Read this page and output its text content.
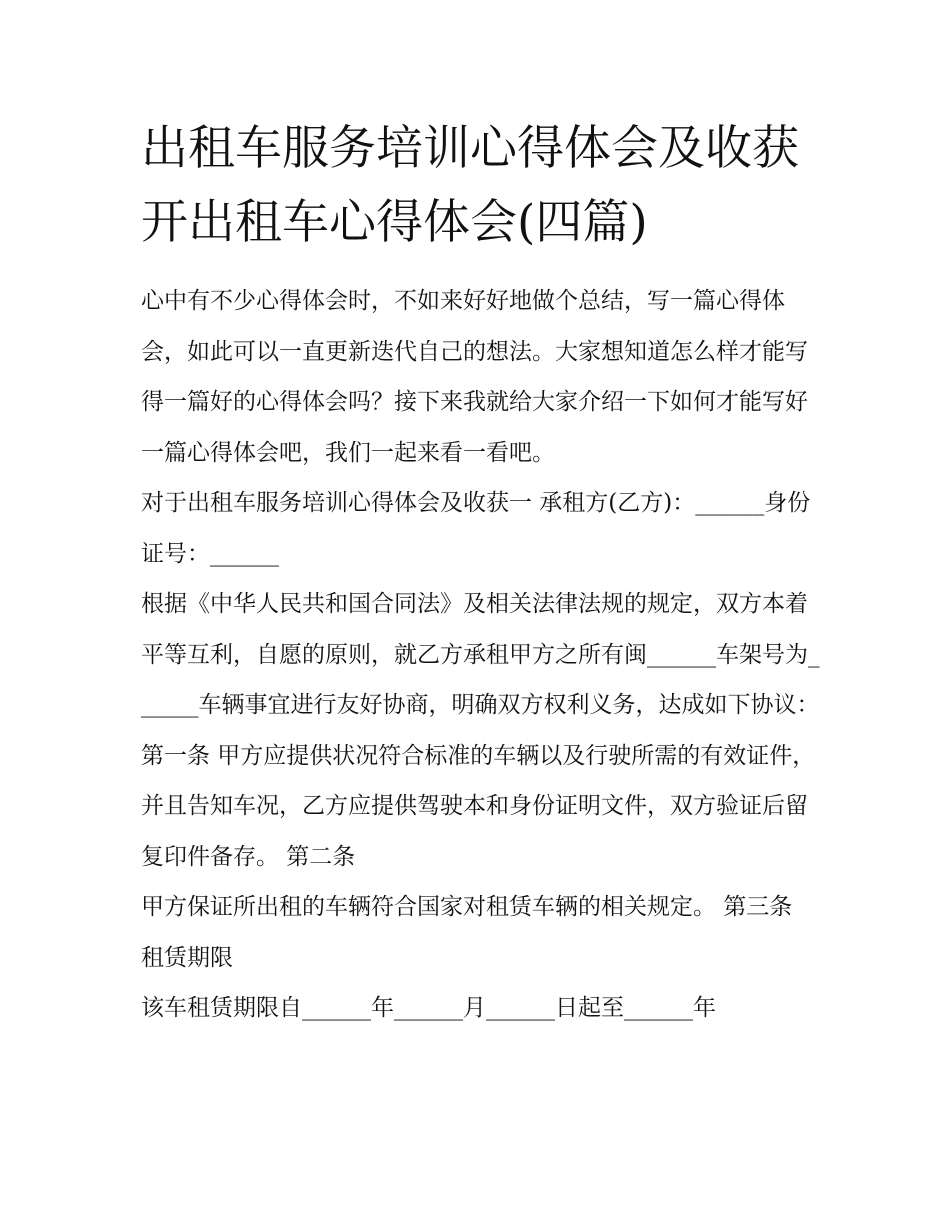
出租车服务培训心得体会及收获 开出租车心得体会(四篇)

心中有不少心得体会时，不如来好好地做个总结，写一篇心得体会，如此可以一直更新迭代自己的想法。大家想知道怎么样才能写得一篇好的心得体会吗？接下来我就给大家介绍一下如何才能写好一篇心得体会吧，我们一起来看一看吧。

对于出租车服务培训心得体会及收获一 承租方(乙方)：______身份证号：______

根据《中华人民共和国合同法》及相关法律法规的规定，双方本着平等互利，自愿的原则，就乙方承租甲方之所有闽______车架号为______车辆事宜进行友好协商，明确双方权利义务，达成如下协议：

第一条 甲方应提供状况符合标准的车辆以及行驶所需的有效证件，并且告知车况，乙方应提供驾驶本和身份证明文件，双方验证后留复印件备存。 第二条

甲方保证所出租的车辆符合国家对租赁车辆的相关规定。 第三条 租赁期限

该车租赁期限自______年______月______日起至______年
